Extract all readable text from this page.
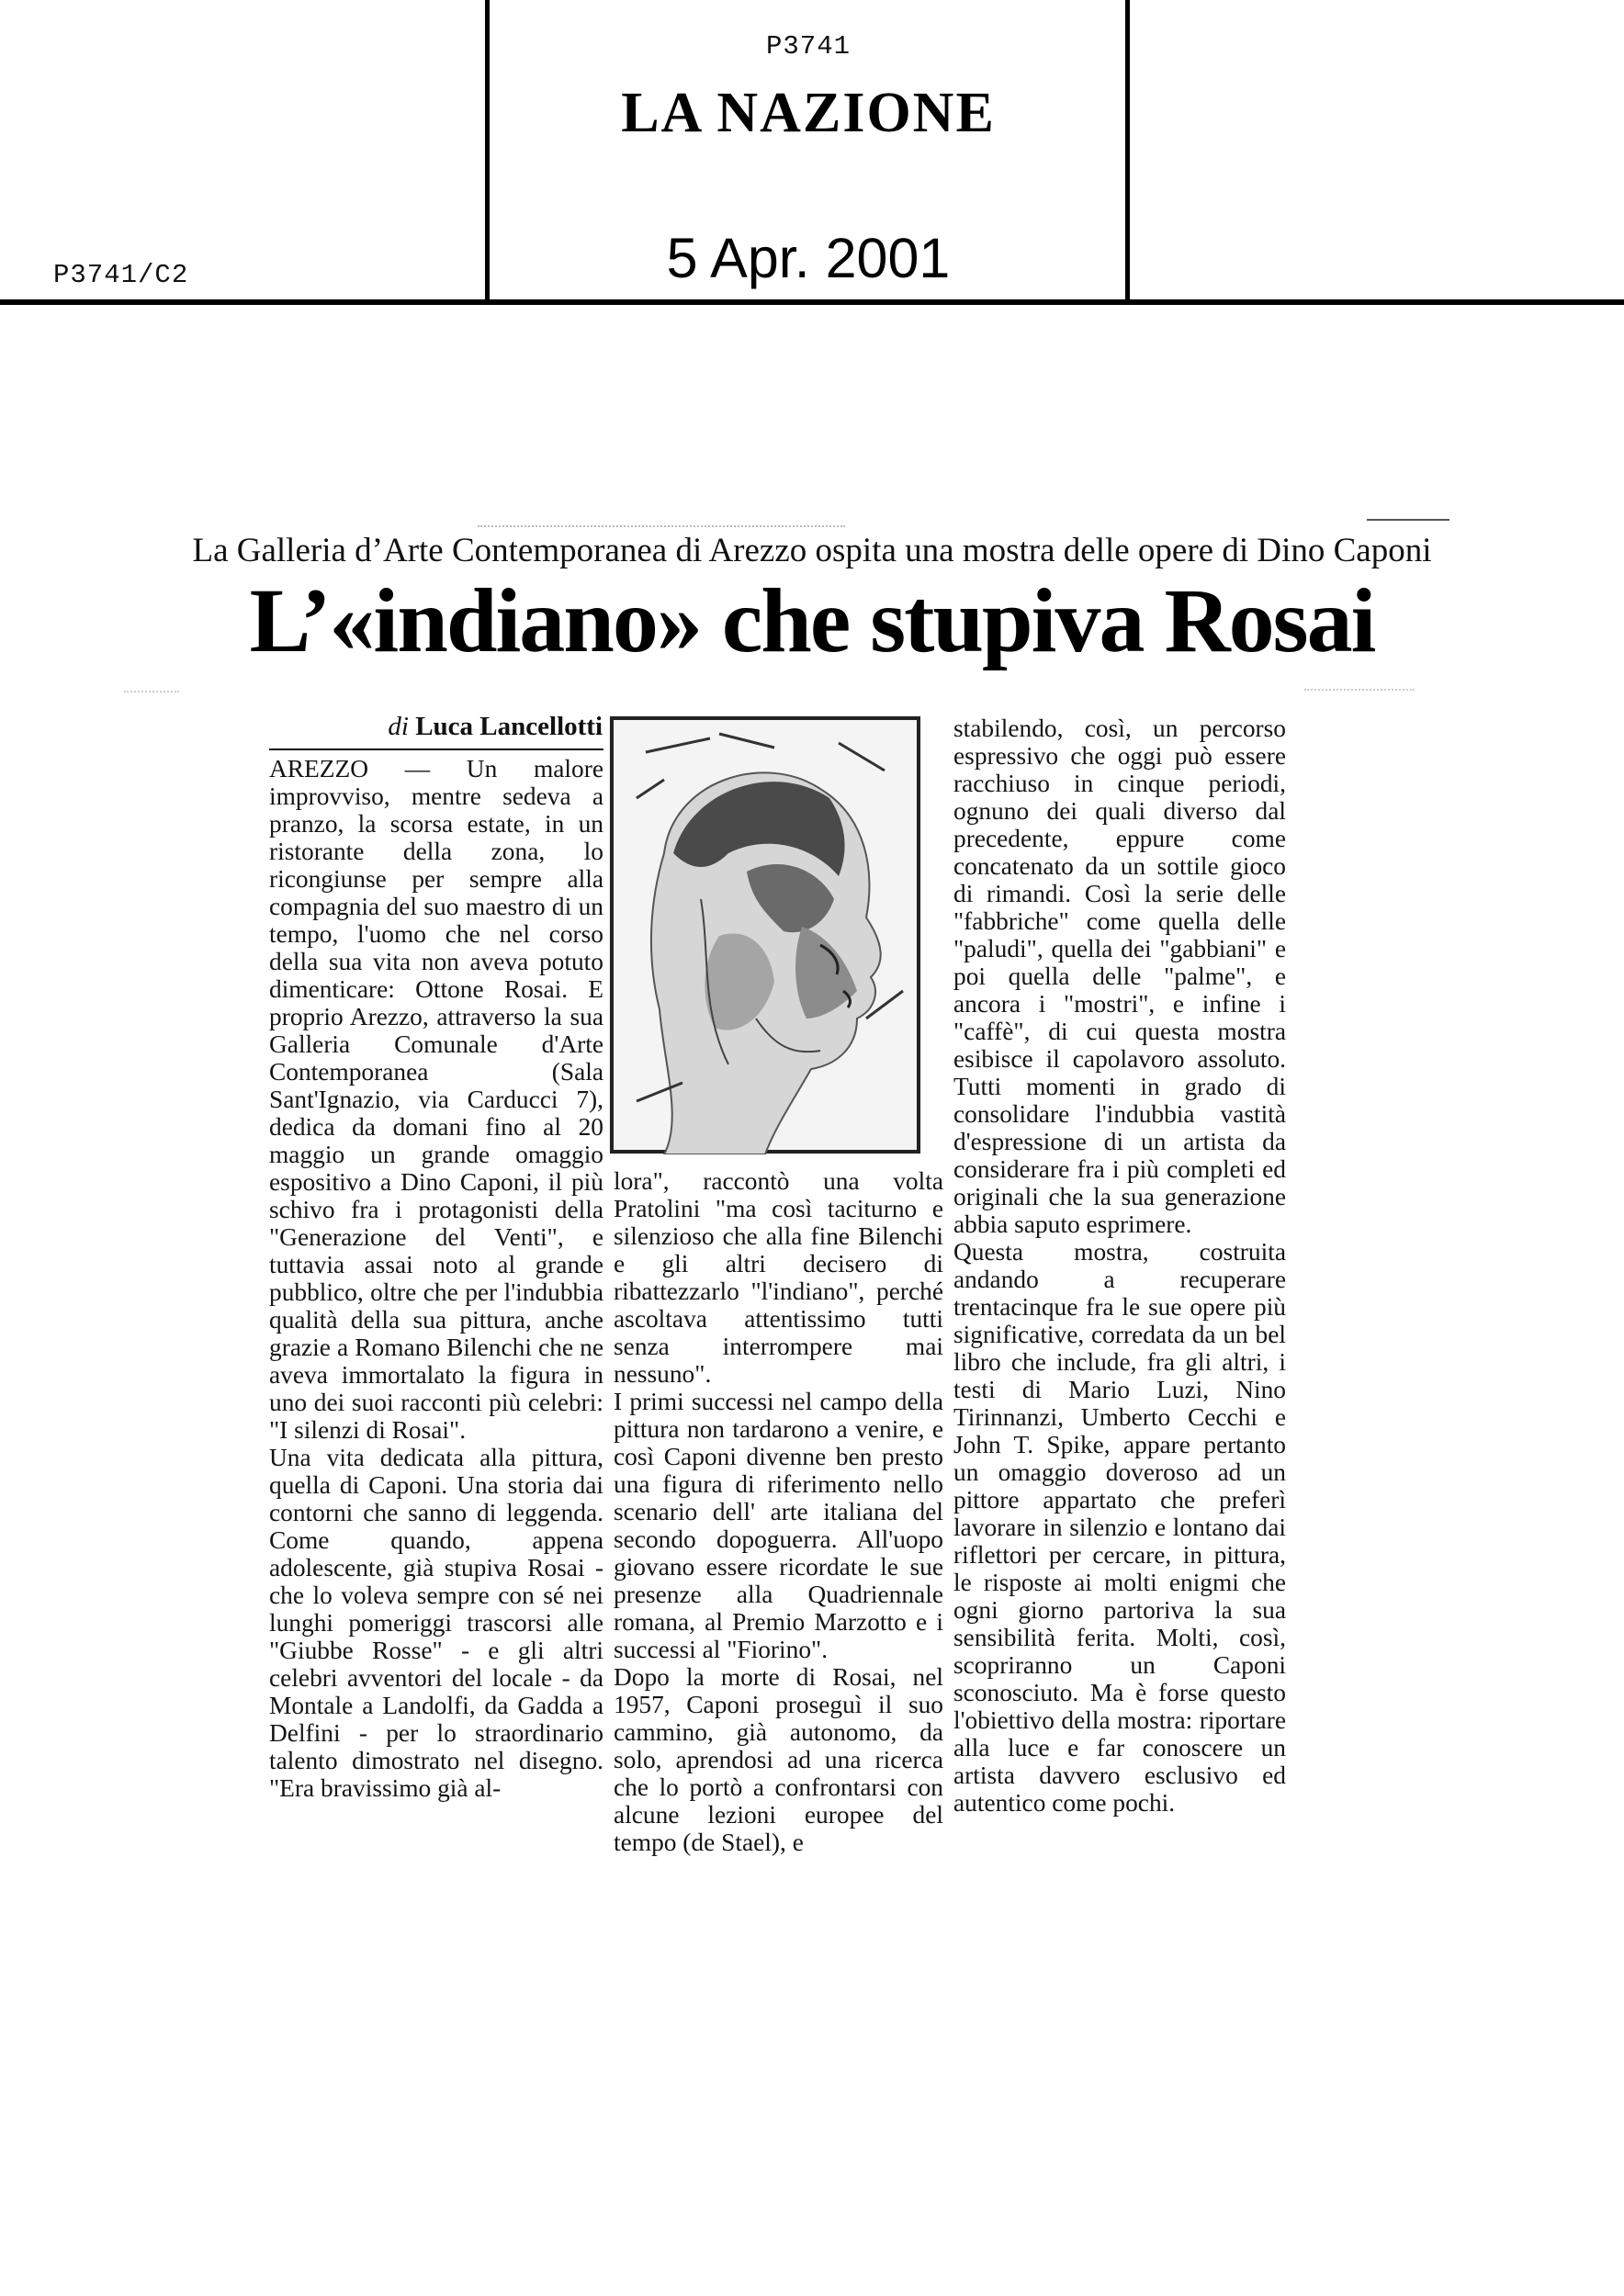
P3741
LA NAZIONE
P3741/C2	5 Apr. 2001
La Galleria d’Arte Contemporanea di Arezzo ospita una mostra delle opere di Dino Caponi
L’«indiano» che stupiva Rosai
di Luca Lancellotti

AREZZO — Un malore improvviso, mentre sedeva a pranzo, la scorsa estate, in un ristorante della zona, lo ricongiunse per sempre alla compagnia del suo maestro di un tempo, l'uomo che nel corso della sua vita non aveva potuto dimenticare: Ottone Rosai. E proprio Arezzo, attraverso la sua Galleria Comunale d'Arte Contemporanea (Sala Sant'Ignazio, via Carducci 7), dedica da domani fino al 20 maggio un grande omaggio espositivo a Dino Caponi, il più schivo fra i protagonisti della "Generazione del Venti", e tuttavia assai noto al grande pubblico, oltre che per l'indubbia qualità della sua pittura, anche grazie a Romano Bilenchi che ne aveva immortalato la figura in uno dei suoi racconti più celebri: "I silenzi di Rosai".

Una vita dedicata alla pittura, quella di Caponi. Una storia dai contorni che sanno di leggenda. Come quando, appena adolescente, già stupiva Rosai - che lo voleva sempre con sé nei lunghi pomeriggi trascorsi alle "Giubbe Rosse" - e gli altri celebri avventori del locale - da Montale a Landolfi, da Gadda a Delfini - per lo straordinario talento dimostrato nel disegno. "Era bravissimo già al-

lora", raccontò una volta Pratolini "ma così taciturno e silenzioso che alla fine Bilenchi e gli altri decisero di ribattezzarlo "l'indiano", perché ascoltava attentissimo tutti senza interrompere mai nessuno".

I primi successi nel campo della pittura non tardarono a venire, e così Caponi divenne ben presto una figura di riferimento nello scenario dell' arte italiana del secondo dopoguerra. All'uopo giovano essere ricordate le sue presenze alla Quadriennale romana, al Premio Marzotto e i successi al "Fiorino".

Dopo la morte di Rosai, nel 1957, Caponi proseguì il suo cammino, già autonomo, da solo, aprendosi ad una ricerca che lo portò a confrontarsi con alcune lezioni europee del tempo (de Stael), e

stabilendo, così, un percorso espressivo che oggi può essere racchiuso in cinque periodi, ognuno dei quali diverso dal precedente, eppure come concatenato da un sottile gioco di rimandi. Così la serie delle "fabbriche" come quella delle "paludi", quella dei "gabbiani" e poi quella delle "palme", e ancora i "mostri", e infine i "caffè", di cui questa mostra esibisce il capolavoro assoluto. Tutti momenti in grado di consolidare l'indubbia vastità d'espressione di un artista da considerare fra i più completi ed originali che la sua generazione abbia saputo esprimere.

Questa mostra, costruita andando a recuperare trentacinque fra le sue opere più significative, corredata da un bel libro che include, fra gli altri, i testi di Mario Luzi, Nino Tirinnanzi, Umberto Cecchi e John T. Spike, appare pertanto un omaggio doveroso ad un pittore appartato che preferì lavorare in silenzio e lontano dai riflettori per cercare, in pittura, le risposte ai molti enigmi che ogni giorno partoriva la sua sensibilità ferita. Molti, così, scopriranno un Caponi sconosciuto. Ma è forse questo l'obiettivo della mostra: riportare alla luce e far conoscere un artista davvero esclusivo ed autentico come pochi.
